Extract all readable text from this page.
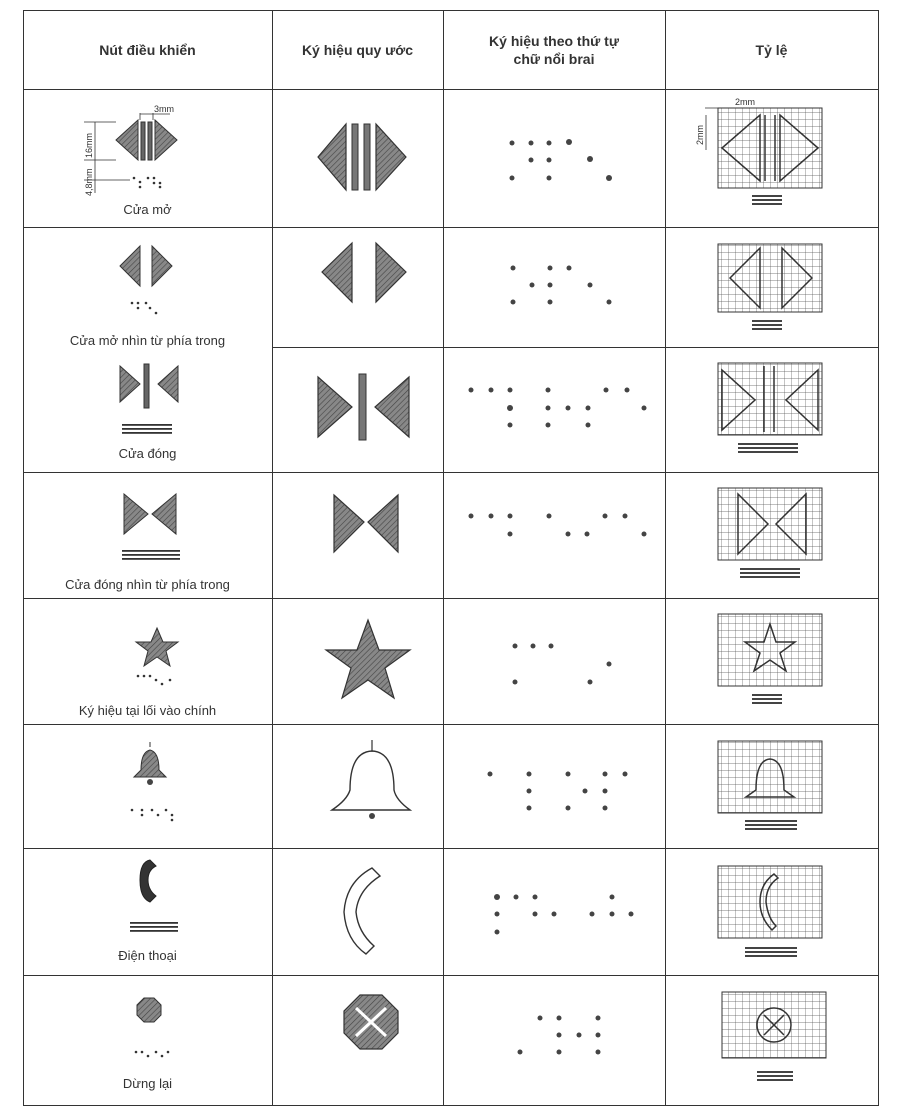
Nút điều khiển	Ký hiệu quy ước
Ký hiệu theo thứ tự
chữ nổi brai
Tỷ lệ
Cửa mở
Cửa mở nhìn từ phía trong
Cửa đóng
Cửa đóng nhìn từ phía trong
Ký hiệu tại lối vào chính
Điện thoại
Dừng lại
3mm
16mm
4,8mm
2mm
2mm
